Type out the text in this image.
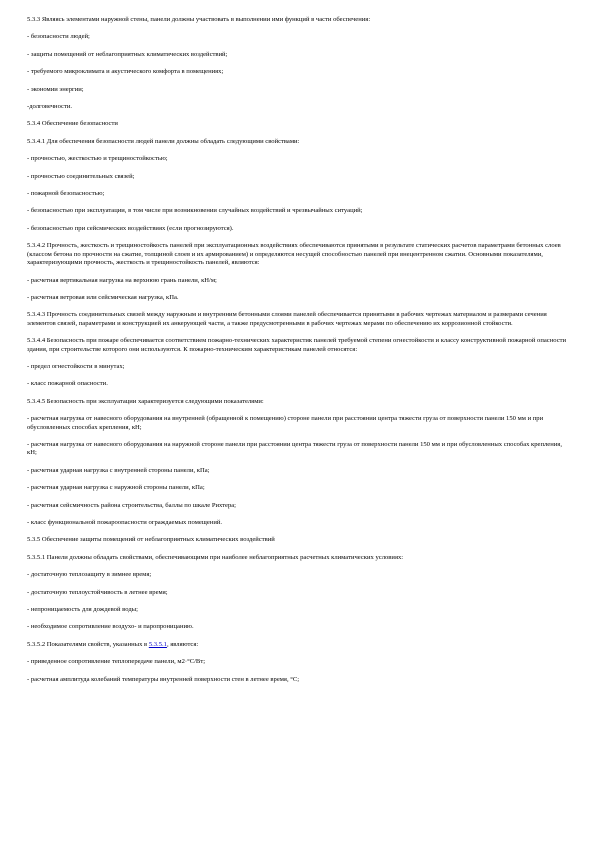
5.3.3 Являясь элементами наружной стены, панели должны участвовать в выполнении ими функций в части обеспечения:

- безопасности людей;

- защиты помещений от неблагоприятных климатических воздействий;

- требуемого микроклимата и акустического комфорта в помещениях;

- экономии энергии;

-долговечности.

5.3.4 Обеспечение безопасности

5.3.4.1 Для обеспечения безопасности людей панели должны обладать следующими свойствами:

- прочностью, жесткостью и трещиностойкостью;

- прочностью соединительных связей;

- пожарной безопасностью;

- безопасностью при эксплуатации, в том числе при возникновении случайных воздействий и чрезвычайных ситуаций;

- безопасностью при сейсмических воздействиях (если прогнозируются).

5.3.4.2 Прочность, жесткость и трещиностойкость панелей при эксплуатационных воздействиях обеспечиваются принятыми в результате статических расчетов параметрами бетонных слоев (классом бетона по прочности на сжатие, толщиной слоев и их армированием) и определяются несущей способностью панелей при внецентренном сжатии. Основными показателями, характеризующими прочность, жесткость и трещиностойкость панелей, являются:

- расчетная вертикальная нагрузка на верхнюю грань панели, кН/м;

- расчетная ветровая или сейсмическая нагрузка, кПа.

5.3.4.3 Прочность соединительных связей между наружным и внутренним бетонными слоями панелей обеспечивается принятыми в рабочих чертежах материалом и размерами сечения элементов связей, параметрами и конструкцией их анкерующей части, а также предусмотренными в рабочих чертежах мерами по обеспечению их коррозионной стойкости.

5.3.4.4 Безопасность при пожаре обеспечивается соответствием пожарно-технических характеристик панелей требуемой степени огнестойкости и классу конструктивной пожарной опасности здания, при строительстве которого они используются. К пожарно-техническим характеристикам панелей относятся:

- предел огнестойкости в минутах;

- класс пожарной опасности.

5.3.4.5 Безопасность при эксплуатации характеризуется следующими показателями:

- расчетная нагрузка от навесного оборудования на внутренней (обращенной к помещению) стороне панели при расстоянии центра тяжести груза от поверхности панели 150 мм и при обусловленных способах крепления, кН;

- расчетная нагрузка от навесного оборудования на наружной стороне панели при расстоянии центра тяжести груза от поверхности панели 150 мм и при обусловленных способах крепления, кН;

- расчетная ударная нагрузка с внутренней стороны панели, кПа;

- расчетная ударная нагрузка с наружной стороны панели, кПа;

- расчетная сейсмичность района строительства, баллы по шкале Рихтера;

- класс функциональной пожароопасности ограждаемых помещений.

5.3.5 Обеспечение защиты помещений от неблагоприятных климатических воздействий

5.3.5.1 Панели должны обладать свойствами, обеспечивающими при наиболее неблагоприятных расчетных климатических условиях:

- достаточную теплозащиту в зимнее время;

- достаточную теплоустойчивость в летнее время;

- непроницаемость для дождевой воды;

- необходимое сопротивление воздухо- и паропроницанию.

5.3.5.2 Показателями свойств, указанных в 5.3.5.1, являются:

- приведенное сопротивление теплопередаче панели, м2·°С/Вт;

- расчетная амплитуда колебаний температуры внутренней поверхности стен в летнее время, °С;
